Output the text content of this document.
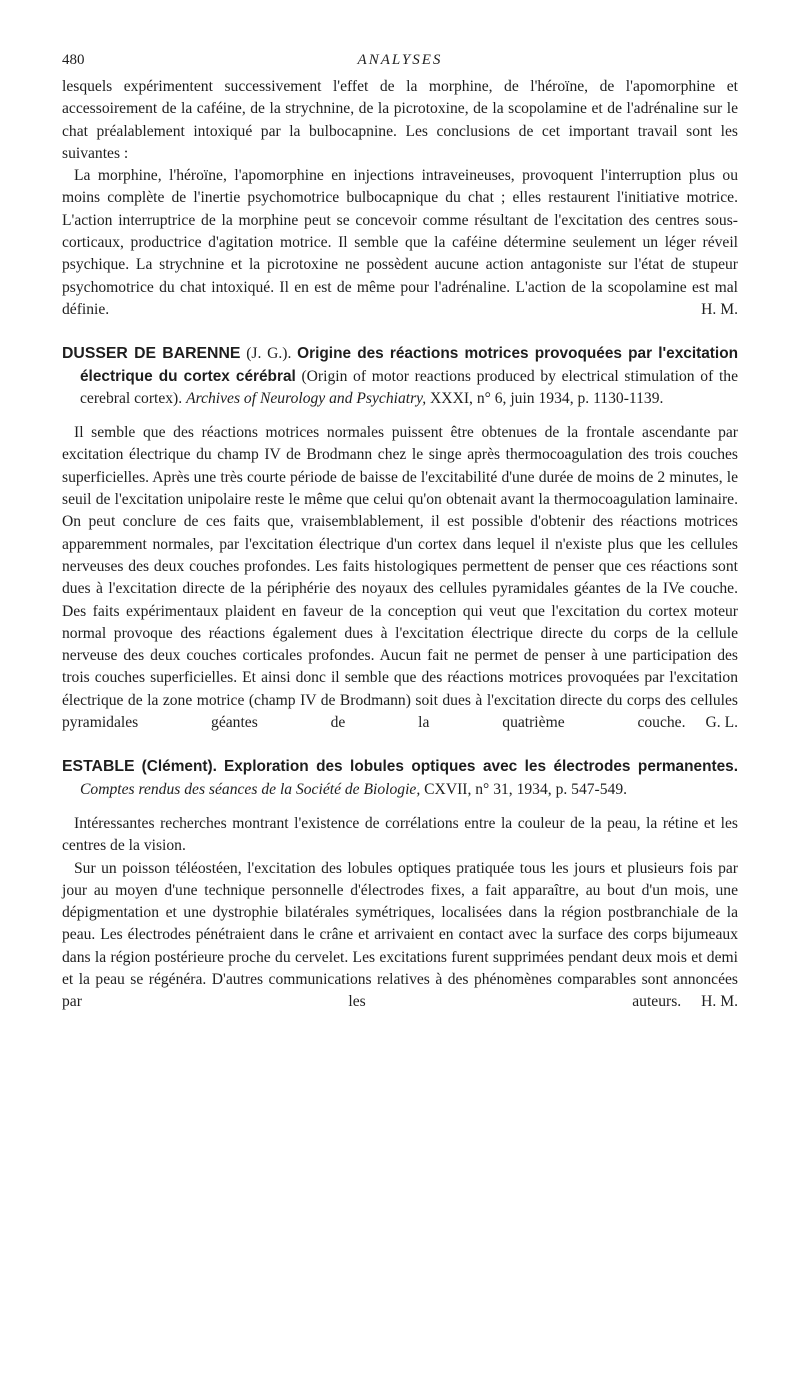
480	ANALYSES

lesquels expérimentent successivement l'effet de la morphine, de l'héroïne, de l'apomorphine et accessoirement de la caféine, de la strychnine, de la picrotoxine, de la scopolamine et de l'adrénaline sur le chat préalablement intoxiqué par la bulbocapnine. Les conclusions de cet important travail sont les suivantes :

La morphine, l'héroïne, l'apomorphine en injections intraveineuses, provoquent l'interruption plus ou moins complète de l'inertie psychomotrice bulbocapnique du chat ; elles restaurent l'initiative motrice. L'action interruptrice de la morphine peut se concevoir comme résultant de l'excitation des centres sous-corticaux, productrice d'agitation motrice. Il semble que la caféine détermine seulement un léger réveil psychique. La strychnine et la picrotoxine ne possèdent aucune action antagoniste sur l'état de stupeur psychomotrice du chat intoxiqué. Il en est de même pour l'adrénaline. L'action de la scopolamine est mal définie.	H. M.

DUSSER DE BARENNE (J. G.). Origine des réactions motrices provoquées par l'excitation électrique du cortex cérébral (Origin of motor reactions produced by electrical stimulation of the cerebral cortex). Archives of Neurology and Psychiatry, XXXI, n° 6, juin 1934, p. 1130-1139.

Il semble que des réactions motrices normales puissent être obtenues de la frontale ascendante par excitation électrique du champ IV de Brodmann chez le singe après thermocoagulation des trois couches superficielles. Après une très courte période de baisse de l'excitabilité d'une durée de moins de 2 minutes, le seuil de l'excitation unipolaire reste le même que celui qu'on obtenait avant la thermocoagulation laminaire. On peut conclure de ces faits que, vraisemblablement, il est possible d'obtenir des réactions motrices apparemment normales, par l'excitation électrique d'un cortex dans lequel il n'existe plus que les cellules nerveuses des deux couches profondes. Les faits histologiques permettent de penser que ces réactions sont dues à l'excitation directe de la périphérie des noyaux des cellules pyramidales géantes de la IVe couche. Des faits expérimentaux plaident en faveur de la conception qui veut que l'excitation du cortex moteur normal provoque des réactions également dues à l'excitation électrique directe du corps de la cellule nerveuse des deux couches corticales profondes. Aucun fait ne permet de penser à une participation des trois couches superficielles. Et ainsi donc il semble que des réactions motrices provoquées par l'excitation électrique de la zone motrice (champ IV de Brodmann) soit dues à l'excitation directe du corps des cellules pyramidales géantes de la quatrième couche.	G. L.

ESTABLE (Clément). Exploration des lobules optiques avec les électrodes permanentes. Comptes rendus des séances de la Société de Biologie, CXVII, n° 31, 1934, p. 547-549.

Intéressantes recherches montrant l'existence de corrélations entre la couleur de la peau, la rétine et les centres de la vision.

Sur un poisson téléostéen, l'excitation des lobules optiques pratiquée tous les jours et plusieurs fois par jour au moyen d'une technique personnelle d'électrodes fixes, a fait apparaître, au bout d'un mois, une dépigmentation et une dystrophie bilatérales symétriques, localisées dans la région postbranchiale de la peau. Les électrodes pénétraient dans le crâne et arrivaient en contact avec la surface des corps bijumeaux dans la région postérieure proche du cervelet. Les excitations furent supprimées pendant deux mois et demi et la peau se régénéra. D'autres communications relatives à des phénomènes comparables sont annoncées par les auteurs.	H. M.
